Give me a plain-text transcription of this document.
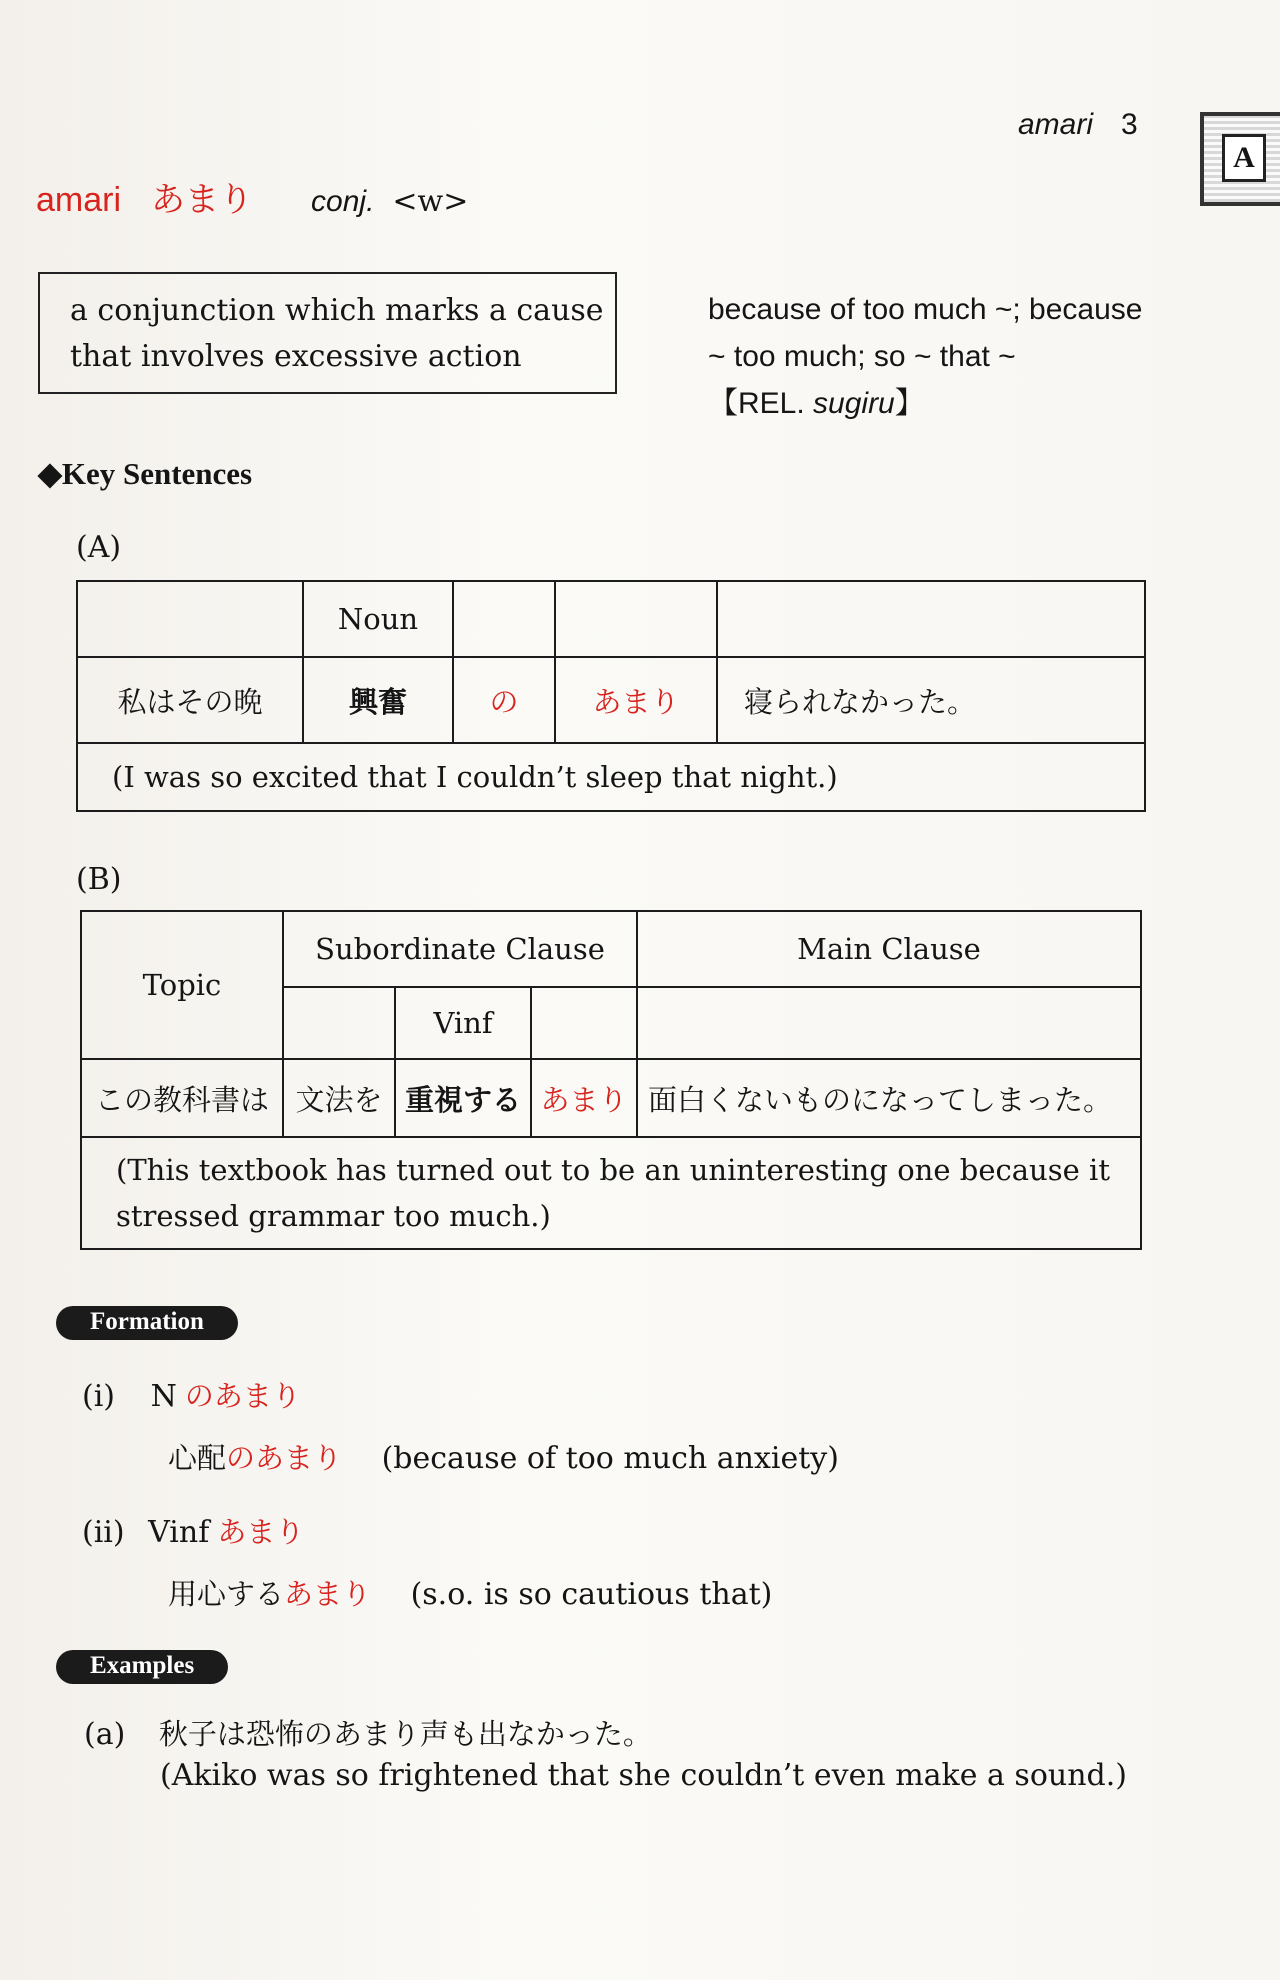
amari 3
A
amari あまり conj. <w>

a conjunction which marks a cause that involves excessive action

because of too much ~; because
~ too much; so ~ that ~
【REL. sugiru】
◆Key Sentences
(A)
	Noun			
私はその晩	興奮	の	あまり	寝られなかった。
(I was so excited that I couldn’t sleep that night.)				
(B)
Topic	Subordinate Clause			Main Clause
		Vinf		
この教科書は	文法を	重視する	あまり	面白くないものになってしまった。
(This textbook has turned out to be an uninteresting one because it stressed grammar too much.)				
Formation
(i) N のあまり
心配のあまり (because of too much anxiety)
(ii) Vinf あまり
用心するあまり (s.o. is so cautious that)
Examples
(a) 秋子は恐怖のあまり声も出なかった。
(Akiko was so frightened that she couldn’t even make a sound.)
